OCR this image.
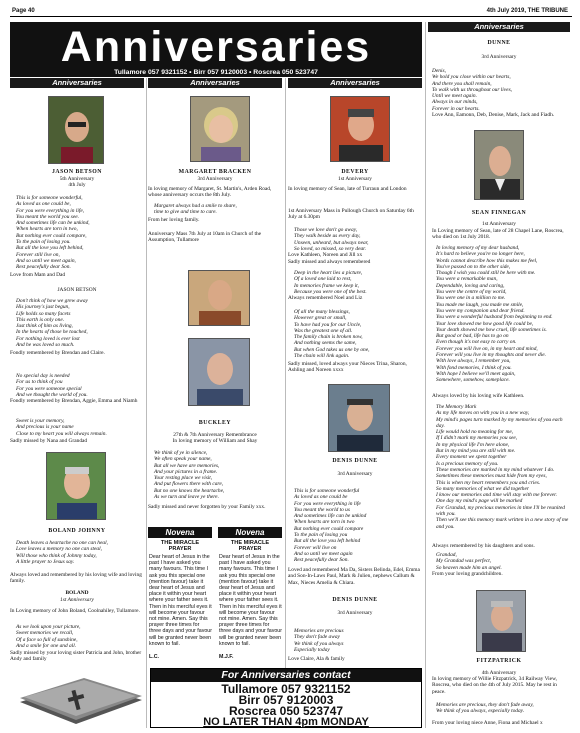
Page 40	4th July 2019, THE TRIBUNE
Anniversaries
Tullamore 057 9321152 • Birr 057 9120003 • Roscrea 050 523747
Anniversaries	Anniversaries	Anniversaries
Anniversaries
JASON BETSON
5th Anniversary
4th July
This is for someone wonderful,
As loved as one could be,
For you were everything in life,
You meant the world you see.
And sometimes life can be unkind,
When hearts are torn in two,
But nothing ever could compare,
To the pain of losing you.
But all the love you left behind,
Forever still live on,
And so until we meet again,
Rest peacefully dear Son.
Love from Mam and Dad
JASON BETSON
Don't think of how we grew away
His journey's just begun,
Life holds so many facets
This earth is only one.
Just think of him as living,
In the hearts of those he touched,
For nothing loved is ever lost
And he was loved so much.
Fondly remembered by Brendan and Claire.
No special day is needed
For us to think of you
For you were someone special
And we thought the world of you.
Fondly remembered by Brendan, Aggie, Emma and Niamh
Sweet is your memory,
And precious is your name
Close to my heart you will always remain.
Sadly missed by Nana and Grandad
BOLAND JOHNNY
Death leaves a heartache no one can heal,
Love leaves a memory no one can steal,
Will those who think of Johnny today,
A little prayer to Jesus say.
Always loved and remembered by his loving wife and loving family.
BOLAND
1st Anniversary
In Loving memory of John Boland, Coolnahiley, Tullamore.
As we look upon your picture,
Sweet memories we recall,
Of a face so full of sunshine,
And a smile for one and all.
Sadly missed by your loving sister Patricia and John, brother Andy and family
MARGARET BRACKEN
3rd Anniversary
In loving memory of Margaret, St. Martin's, Arden Road, whose anniversary occurs the 8th July.
Margaret always had a smile to share,
time to give and time to care.
From her loving family.
Anniversary Mass 7th July at 10am in Church of the Assumption, Tullamore
BUCKLEY
27th & 7th Anniversary Remembrance
In loving memory of William and Shay
We think of ye in silence,
We often speak your name,
But all we have are memories,
And your pictures in a frame.
Your resting place we visit,
And put flowers there with care,
But no one knows the heartache,
As we turn and leave ye there.
Sadly missed and never forgotten by your Family xxx.
Novena	Novena
THE MIRACLE
PRAYER
Dear heart of Jesus in the past I have asked you many favours. This time I ask you this special one (mention favour) take it dear heart of Jesus and place it within your heart where your father sees it. Then in his merciful eyes it will become your favour not mine. Amen. Say this prayer three times for three days and your favour will be granted never been known to fail.
L.C.
THE MIRACLE
PRAYER
Dear heart of Jesus in the past I have asked you many favours. This time I ask you this special one (mention favour) take it dear heart of Jesus and place it within your heart where your father sees it. Then in his merciful eyes it will become your favour not mine. Amen. Say this prayer three times for three days and your favour will be granted never been known to fail.
M.J.F.
DEVERY
1st Anniversary
In loving memory of Sean, late of Turraun and London
1st Anniversary Mass in Pullough Church on Saturday 6th July at 6.30pm
Those we love don't go away,
They walk beside us every day,
Unseen, unheard, but always near,
So loved, so missed, so very dear.
Love Kathleen, Noreen and Jill xx
Sadly missed and always remembered
Deep in the heart lies a picture,
Of a loved one laid to rest,
In memories frame we keep it,
Because you were one of the best.
Always remembered Noel and Liz
Of all the many blessings,
However great or small,
To have had you for our Uncle,
Was the greatest one of all.
The family chain is broken now,
And nothing seems the same,
But when God takes us one by one,
The chain will link again.
Sadly missed, loved always your Nieces Trina, Sharon, Ashling and Noreen xxxx
DENIS DUNNE
3rd Anniversary
This is for someone wonderful
As loved as one could be
For you were everything in life
You meant the world to us
And sometimes life can be unkind
When hearts are torn in two
But nothing ever could compare
To the pain of losing you
But all the love you left behind
Forever will live on
And so until we meet again
Rest peacefully dear Son.
Loved and remembered Ma Da, Sisters Belinda, Edel, Emma and Son-In-Laws Paul, Mark & Julien, nephews Callum & Max, Nieces Amelia & Chiara.
DENIS DUNNE
3rd Anniversary
Memories are precious
They don't fade away
We think of you always
Especially today
Love Claire, Ala & family
For Anniversaries contact
Tullamore 057 9321152
Birr 057 9120003
Roscrea 050 523747
NO LATER THAN 4pm MONDAY
DUNNE
3rd Anniversary
Denis,
We hold you close within our hearts,
And there you shall remain,
To walk with us throughout our lives,
Until we meet again.
Always in our minds,
Forever in our hearts.
Love Ann, Eamonn, Deb, Denise, Mark, Jack and Fiadh.
SEAN FINNEGAN
1st Anniversary
In Loving memory of Sean, late of 28 Chapel Lane, Roscrea, who died on 1st July 2018.
In loving memory of my dear husband,
It's hard to believe you're no longer here,
Words cannot describe how this makes me feel,
You've passed on to the other side,
Though I wish you could still be here with me.
You were a remarkable man,
Dependable, loving and caring,
You were the centre of my world,
You were one in a million to me.
You made me laugh, you made me smile,
You were my companion and dear friend.
You were a wonderful husband from beginning to end.
Your love showed me how good life could be,
Your death showed me how cruel, life sometimes is.
But good or bad, life has to go on
Even though it's not easy to carry on.
Forever you will live on, in my heart and mind,
Forever will you live in my thoughts and never die.
With love always, I remember you,
With fond memories, I think of you.
With hope I believe we'll meet again,
Somewhere, somehow, someplace.
Always loved by his loving wife Kathleen.
The Memory Mark
As my life moves on with you in a new way,
My mind's pages turn marked by my memories of you each day.
Life would hold no meaning for me,
If I didn't mark my memories you see,
In my physical life I'm here alone,
But in my mind you are still with me.
Every moment we spent together
Is a precious memory of you.
These memories are marked in my mind whatever I do.
Sometimes these memories must hide from my eyes,
This is when my heart remembers you and cries.
So many memories of what we did together
I know our memories and time will stay with me forever.
One day my mind's page will be marked
For Grandad, my precious memories in time I'll be reunited with you.
Then we'll see this memory mark written in a new story of me and you.
Always remembered by his daughters and sons.
Grandad,
My Grandad was perfect,
So heaven made him an angel.
From your loving grandchildren.
FITZPATRICK
4th Anniversary
In loving memory of Willie Fitzpatrick, 34 Railway View, Roscrea, who died on the 4th of July 2015. May he rest in peace.
Memories are precious, they don't fade away,
We think of you always, especially today.
From your loving niece Anne, Fiona and Michael x
